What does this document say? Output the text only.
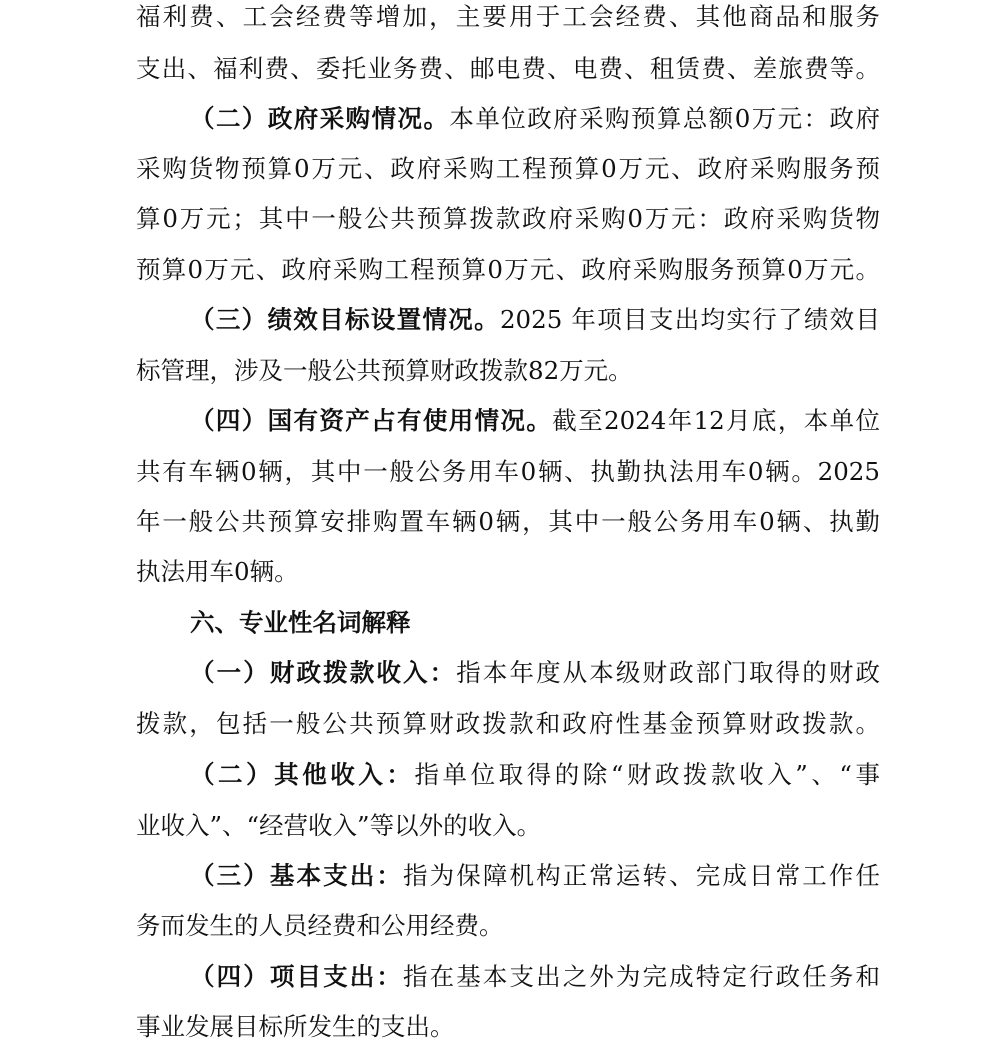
福利费、工会经费等增加，主要用于工会经费、其他商品和服务
支出、福利费、委托业务费、邮电费、电费、租赁费、差旅费等。
（二）政府采购情况。本单位政府采购预算总额0万元：政府
采购货物预算0万元、政府采购工程预算0万元、政府采购服务预
算0万元；其中一般公共预算拨款政府采购0万元：政府采购货物
预算0万元、政府采购工程预算0万元、政府采购服务预算0万元。
（三）绩效目标设置情况。2025 年项目支出均实行了绩效目
标管理，涉及一般公共预算财政拨款82万元。
（四）国有资产占有使用情况。截至2024年12月底，本单位
共有车辆0辆，其中一般公务用车0辆、执勤执法用车0辆。2025
年一般公共预算安排购置车辆0辆，其中一般公务用车0辆、执勤
执法用车0辆。
六、专业性名词解释
（一）财政拨款收入：指本年度从本级财政部门取得的财政
拨款，包括一般公共预算财政拨款和政府性基金预算财政拨款。
（二）其他收入：指单位取得的除“财政拨款收入”、“事
业收入”、“经营收入”等以外的收入。
（三）基本支出：指为保障机构正常运转、完成日常工作任
务而发生的人员经费和公用经费。
（四）项目支出：指在基本支出之外为完成特定行政任务和
事业发展目标所发生的支出。
